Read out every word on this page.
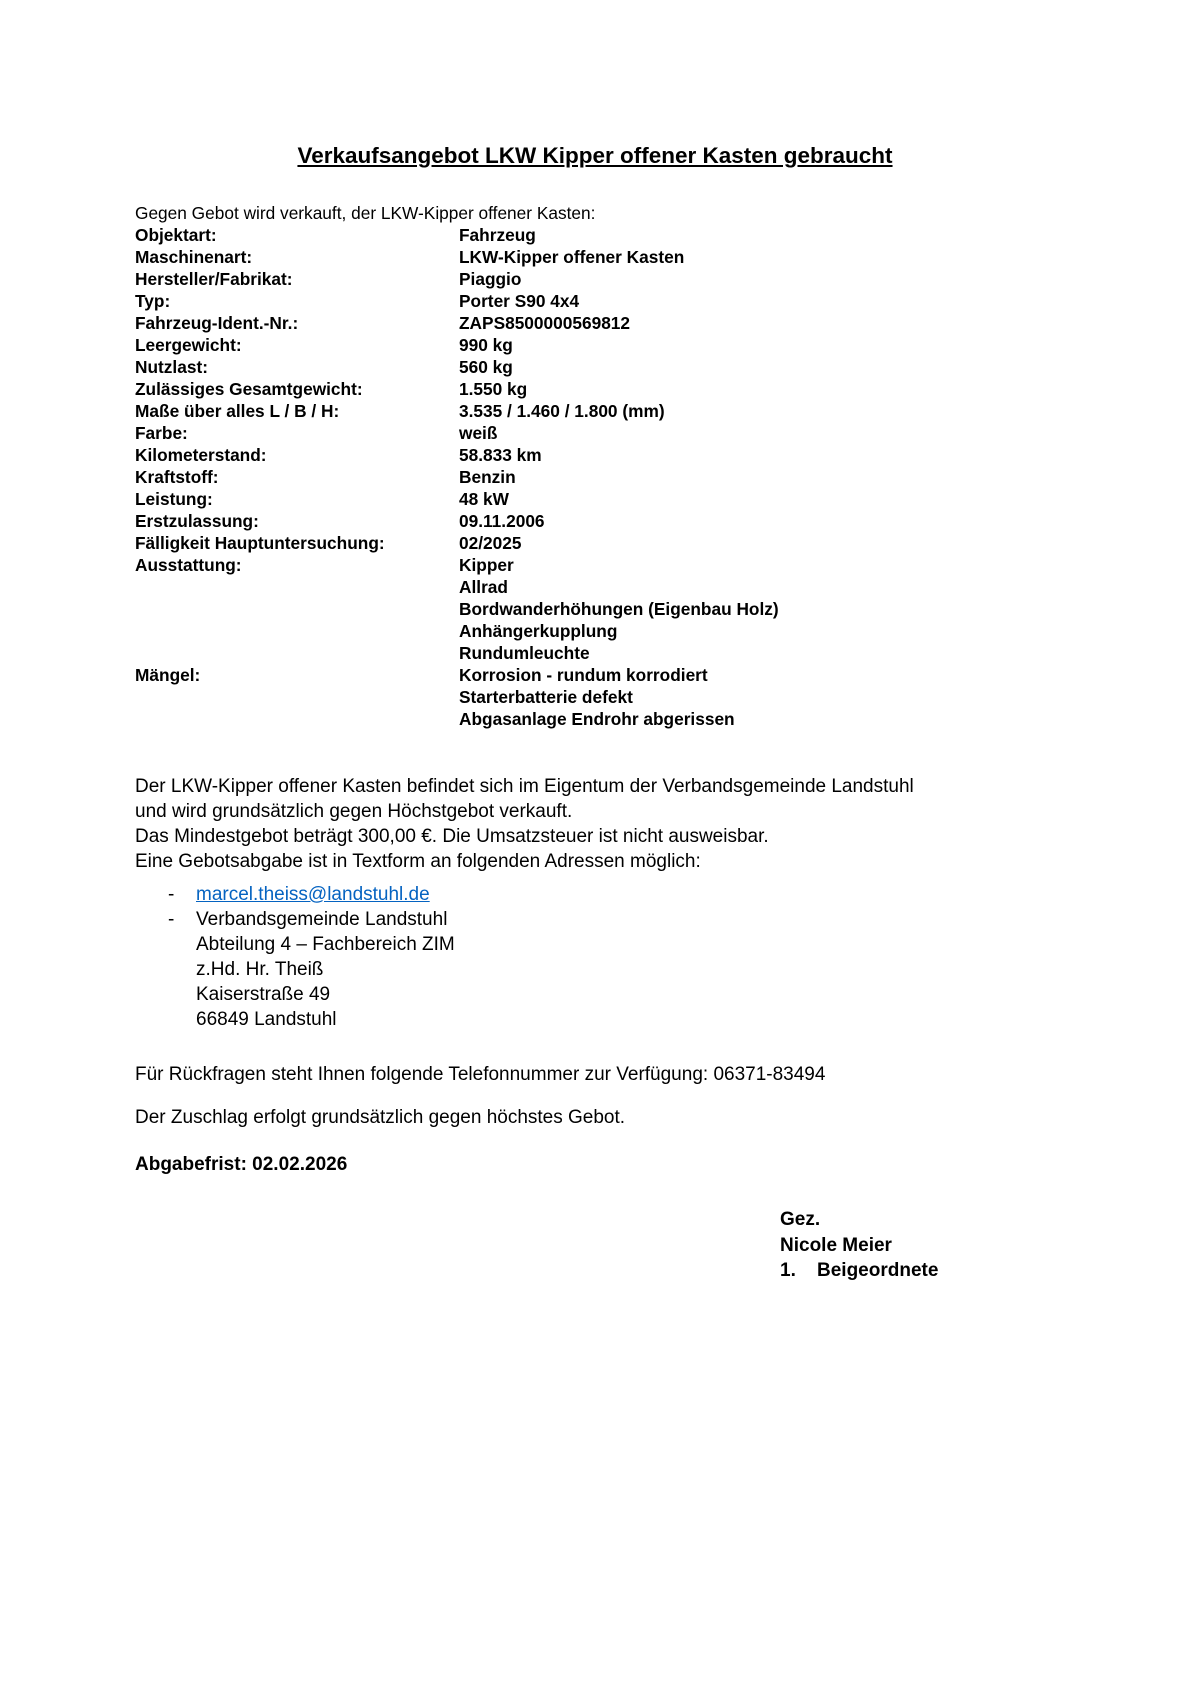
Verkaufsangebot LKW Kipper offener Kasten gebraucht
Gegen Gebot wird verkauft, der LKW-Kipper offener Kasten:
Objektart:	Fahrzeug
Maschinenart:	LKW-Kipper offener Kasten
Hersteller/Fabrikat:	Piaggio
Typ:	Porter S90 4x4
Fahrzeug-Ident.-Nr.:	ZAPS8500000569812
Leergewicht:	990 kg
Nutzlast:	560 kg
Zulässiges Gesamtgewicht:	1.550 kg
Maße über alles L / B / H:	3.535 / 1.460 / 1.800 (mm)
Farbe:	weiß
Kilometerstand:	58.833 km
Kraftstoff:	Benzin
Leistung:	48 kW
Erstzulassung:	09.11.2006
Fälligkeit Hauptuntersuchung:	02/2025
Ausstattung:	Kipper
Allrad
Bordwanderhöhungen (Eigenbau Holz)
Anhängerkupplung
Rundumleuchte
Mängel:	Korrosion - rundum korrodiert
Starterbatterie defekt
Abgasanlage Endrohr abgerissen
Der LKW-Kipper offener Kasten befindet sich im Eigentum der Verbandsgemeinde Landstuhl
und wird grundsätzlich gegen Höchstgebot verkauft.
Das Mindestgebot beträgt 300,00 €. Die Umsatzsteuer ist nicht ausweisbar.
Eine Gebotsabgabe ist in Textform an folgenden Adressen möglich:
-	marcel.theiss@landstuhl.de
-	Verbandsgemeinde Landstuhl
Abteilung 4 – Fachbereich ZIM
z.Hd. Hr. Theiß
Kaiserstraße 49
66849 Landstuhl
Für Rückfragen steht Ihnen folgende Telefonnummer zur Verfügung: 06371-83494
Der Zuschlag erfolgt grundsätzlich gegen höchstes Gebot.
Abgabefrist: 02.02.2026
Gez.
Nicole Meier
1. Beigeordnete
